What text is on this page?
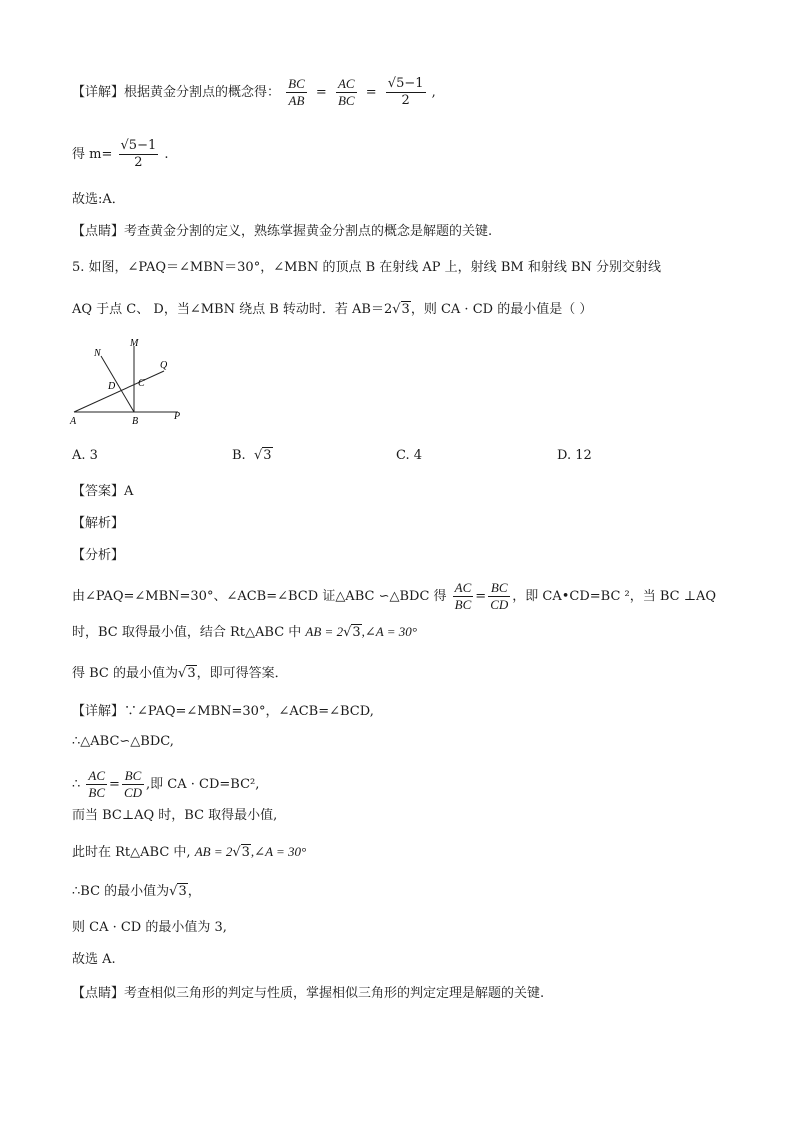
【详解】根据黄金分割点的概念得： $\frac{BC}{AB} = \frac{AC}{BC} = \frac{√5-1}{2}$ ,
得 $m= \frac{√5-1}{2}$ .
故选:A．
【点睛】考查黄金分割的定义，熟练掌握黄金分割点的概念是解题的关键.
5. 如图，∠PAQ＝∠MBN＝30°，∠MBN 的顶点 B 在射线 AP 上，射线 BM 和射线 BN 分别交射线
AQ 于点 C、 D，当∠MBN 绕点 B 转动时．若 AB＝2√3，则 CA · CD 的最小值是（ ）
N
M
Q
D C
A	B	P
A. 3	B. √3	C. 4	D. 12
【答案】A
【解析】
【分析】
由∠PAQ=∠MBN=30°、∠ACB=∠BCD 证△ABC ∽△BDC 得 $\frac{AC}{BC} = \frac{BC}{CD}$ ，即 CA•CD=BC ²，当 BC ⊥AQ
时，BC 取得最小值，结合 Rt△ABC 中 AB = 2√3,∠A = 30°
得 BC 的最小值为√3，即可得答案．
【详解】∵∠PAQ=∠MBN=30°，∠ACB=∠BCD,
∴△ABC∽△BDC,
∴ $\frac{AC}{BC} = \frac{BC}{CD}$ ,即 CA · CD=BC²,
而当 BC⊥AQ 时，BC 取得最小值,
此时在 Rt△ABC 中, AB = 2√3,∠A = 30°
∴BC 的最小值为√3，
则 CA · CD 的最小值为 3,
故选 A.
【点睛】考查相似三角形的判定与性质，掌握相似三角形的判定定理是解题的关键.
